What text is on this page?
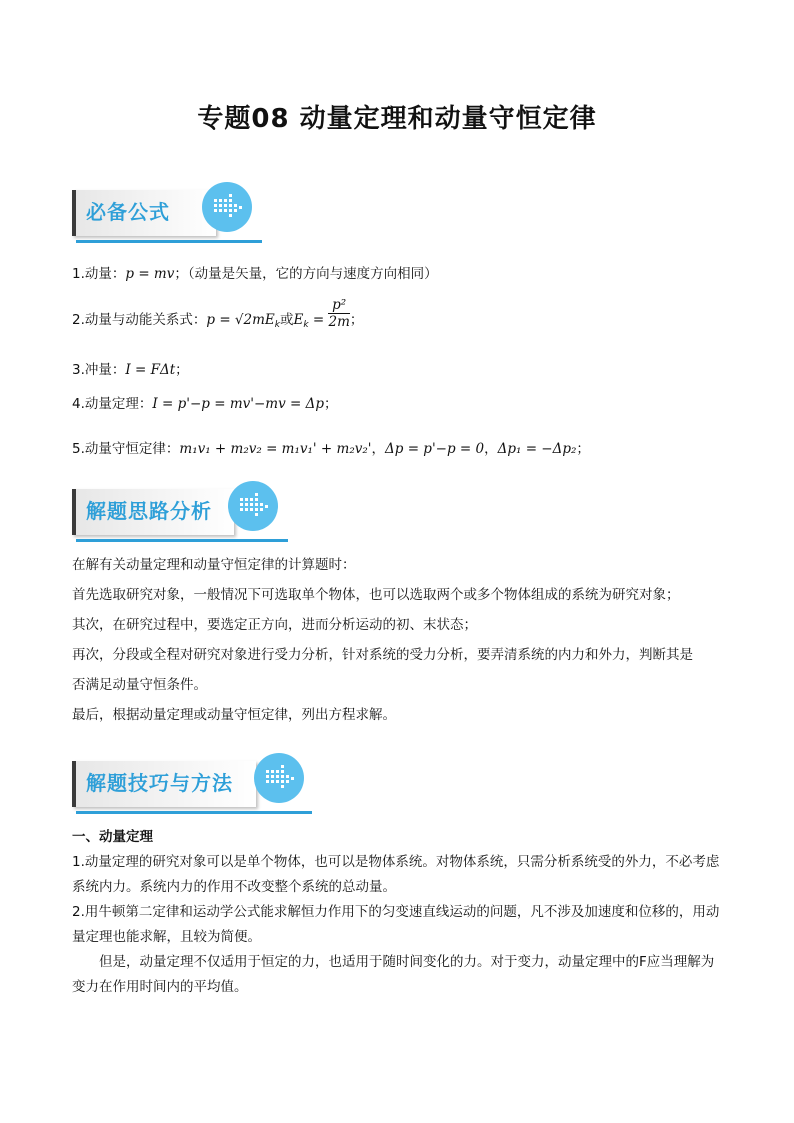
专题08 动量定理和动量守恒定律
必备公式
1.动量：p = mv；（动量是矢量，它的方向与速度方向相同）
2.动量与动能关系式：$p = √2mE_k$或$E_k = \frac{\text{p²}}{2m}$ ；
3.冲量：I = FΔt；
4.动量定理：I = p'−p = mv'−mv = Δp；
5.动量守恒定律：m₁v₁ + m₂v₂ = m₁v₁' + m₂v₂'，Δp = p'−p = 0，Δp₁ = −Δp₂；
解题思路分析
在解有关动量定理和动量守恒定律的计算题时：
首先选取研究对象，一般情况下可选取单个物体，也可以选取两个或多个物体组成的系统为研究对象；
其次，在研究过程中，要选定正方向，进而分析运动的初、末状态；
再次，分段或全程对研究对象进行受力分析，针对系统的受力分析，要弄清系统的内力和外力，判断其是
否满足动量守恒条件。
最后，根据动量定理或动量守恒定律，列出方程求解。
解题技巧与方法
一、动量定理
1.动量定理的研究对象可以是单个物体，也可以是物体系统。对物体系统，只需分析系统受的外力，不必考虑系统内力。系统内力的作用不改变整个系统的总动量。
2.用牛顿第二定律和运动学公式能求解恒力作用下的匀变速直线运动的问题，凡不涉及加速度和位移的，用动量定理也能求解，且较为简便。
但是，动量定理不仅适用于恒定的力，也适用于随时间变化的力。对于变力，动量定理中的F应当理解为变力在作用时间内的平均值。
